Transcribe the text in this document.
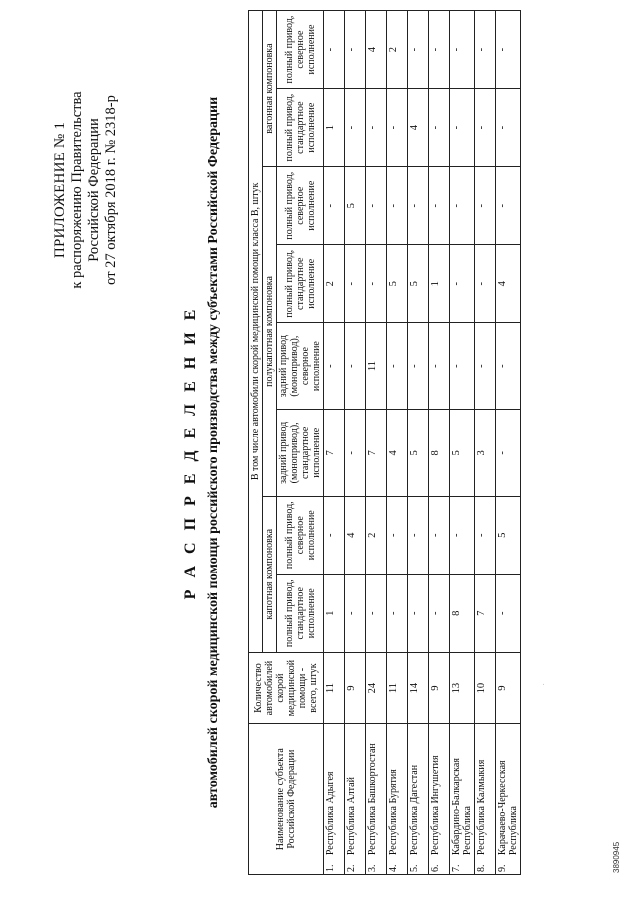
ПРИЛОЖЕНИЕ № 1 к распоряжению Правительства Российской Федерации от 27 октября 2018 г. № 2318-р
Р А С П Р Е Д Е Л Е Н И Е автомобилей скорой медицинской помощи российского производства между субъектами Российской Федерации	Наименование субъекта Российской Федерации		Количество автомобилей скорой медицинской помощи - всего, штук	В том числе автомобили скорой медицинской помощи класса В, штук							
			капотная компоновка		полукапотная компоновка				вагонная компоновка	
			полный привод, стандартное исполнение	полный привод, северное исполнение	задний привод (монопривод), стандартное исполнение	задний привод (монопривод), северное исполнение	полный привод, стандартное исполнение	полный привод, северное исполнение	полный привод, стандартное исполнение	полный привод, северное исполнение
1.	Республика Адыгея	11	1	-	7	-	2	-	1	-
2.	Республика Алтай	9	-	4	-	-	-	5	-	-
3.	Республика Башкортостан	24	-	2	7	11	-	-	-	4
4.	Республика Бурятия	11	-	-	4	-	5	-	-	2
5.	Республика Дагестан	14	-	-	5	-	5	-	4	-
6.	Республика Ингушетия	9	-	-	8	-	1	-	-	-
7.	Кабардино-Балкарская Республика	13	8	-	5	-	-	-	-	-
8.	Республика Калмыкия	10	7	-	3	-	-	-	-	-
9.	Карачаево-Черкесская Республика	9	-	5	-	-	4	-	-	-
.
3890945
